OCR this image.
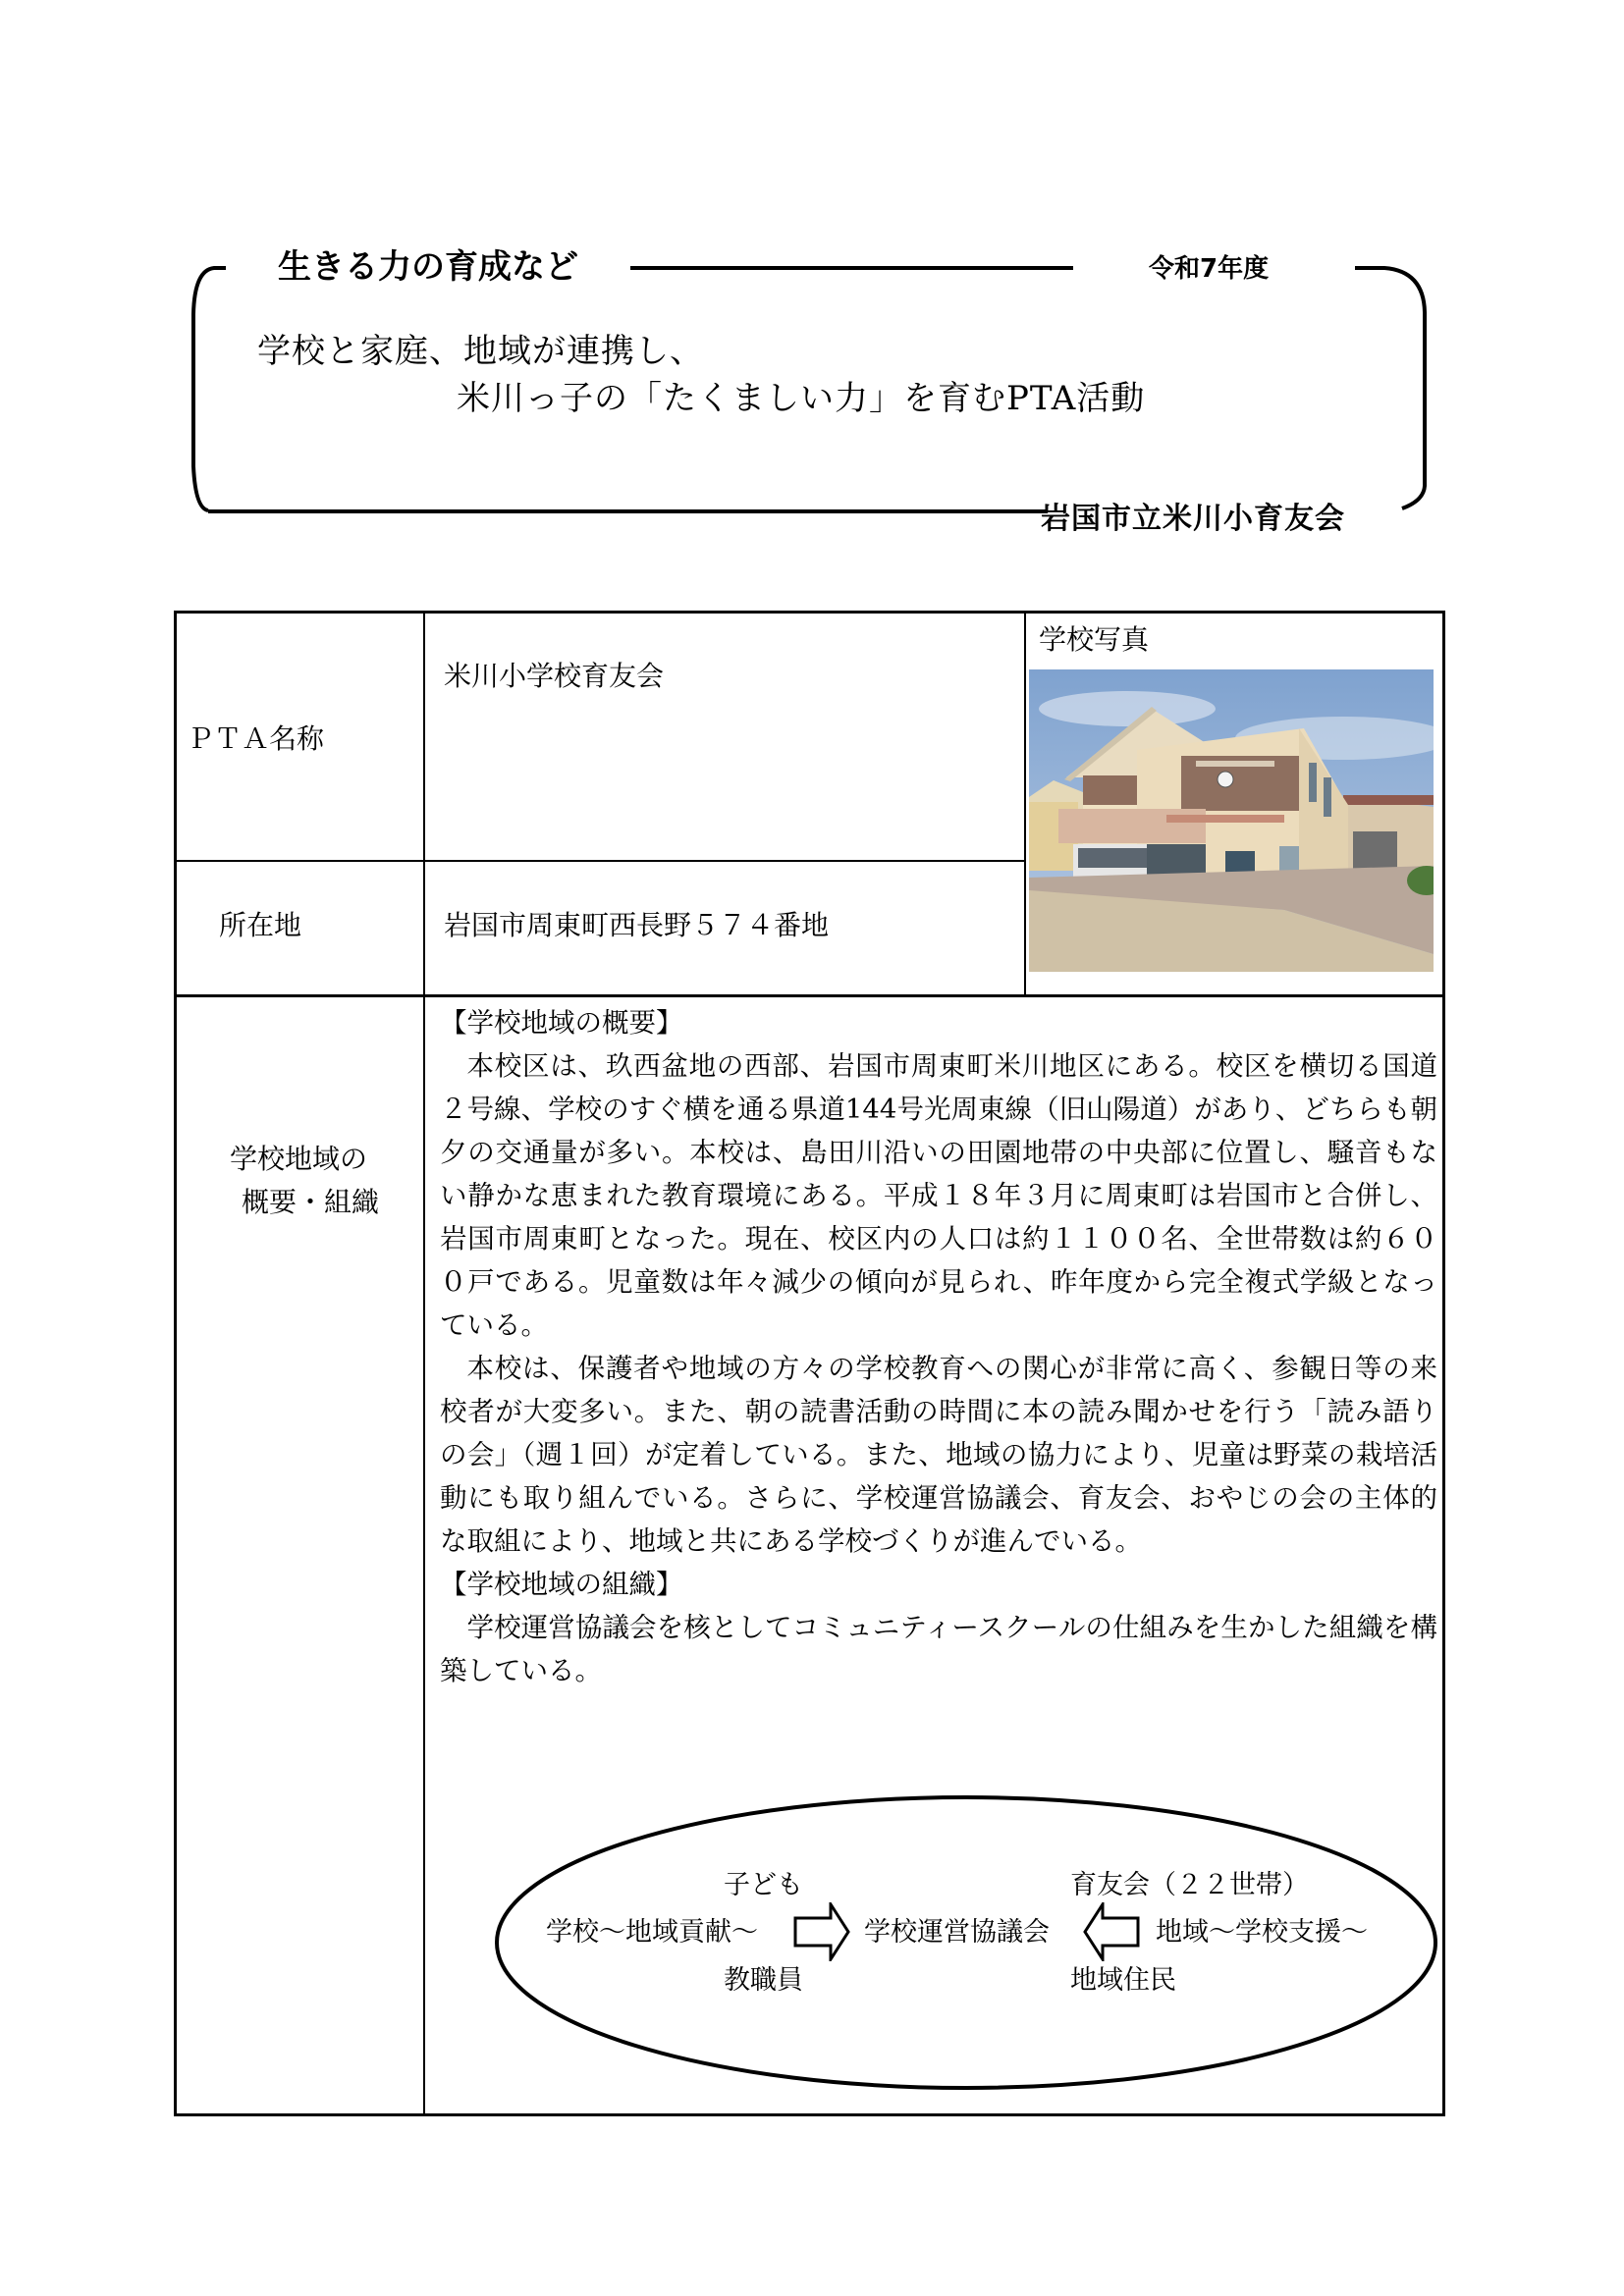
生きる力の育成など	令和7年度
学校と家庭、地域が連携し、
米川っ子の「たくましい力」を育むPTA活動
岩国市立米川小育友会
ＰＴＡ名称
米川小学校育友会
所在地	岩国市周東町西長野５７４番地
学校写真
学校地域の
概要・組織

【学校地域の概要】

本校区は、玖西盆地の西部、岩国市周東町米川地区にある。校区を横切る国道２号線、学校のすぐ横を通る県道144号光周東線（旧山陽道）があり、どちらも朝夕の交通量が多い。本校は、島田川沿いの田園地帯の中央部に位置し、騒音もない静かな恵まれた教育環境にある。平成１８年３月に周東町は岩国市と合併し、岩国市周東町となった。現在、校区内の人口は約１１００名、全世帯数は約６００戸である。児童数は年々減少の傾向が見られ、昨年度から完全複式学級となっている。

本校は、保護者や地域の方々の学校教育への関心が非常に高く、参観日等の来校者が大変多い。また、朝の読書活動の時間に本の読み聞かせを行う「読み語りの会」（週１回）が定着している。また、地域の協力により、児童は野菜の栽培活動にも取り組んでいる。さらに、学校運営協議会、育友会、おやじの会の主体的な取組により、地域と共にある学校づくりが進んでいる。

【学校地域の組織】

学校運営協議会を核としてコミュニティースクールの仕組みを生かした組織を構築している。

子ども
学校～地域貢献～
教職員
学校運営協議会
育友会（２２世帯）
地域～学校支援～
地域住民
